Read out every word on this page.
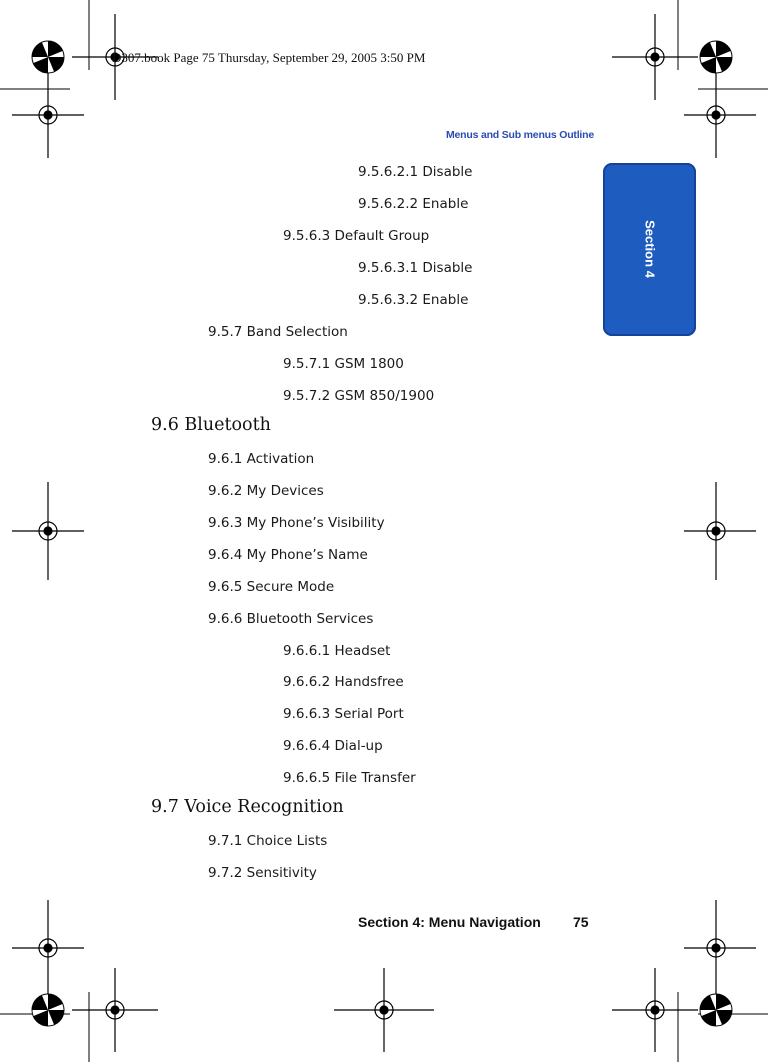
D307.book Page 75 Thursday, September 29, 2005 3:50 PM
Menus and Sub menus Outline
Section 4
9.5.6.2.1 Disable
9.5.6.2.2 Enable
9.5.6.3 Default Group
9.5.6.3.1 Disable
9.5.6.3.2 Enable
9.5.7 Band Selection
9.5.7.1 GSM 1800
9.5.7.2 GSM 850/1900
9.6 Bluetooth
9.6.1 Activation
9.6.2 My Devices
9.6.3 My Phone’s Visibility
9.6.4 My Phone’s Name
9.6.5 Secure Mode
9.6.6 Bluetooth Services
9.6.6.1 Headset
9.6.6.2 Handsfree
9.6.6.3 Serial Port
9.6.6.4 Dial-up
9.6.6.5 File Transfer
9.7 Voice Recognition
9.7.1 Choice Lists
9.7.2 Sensitivity
Section 4: Menu Navigation 75
